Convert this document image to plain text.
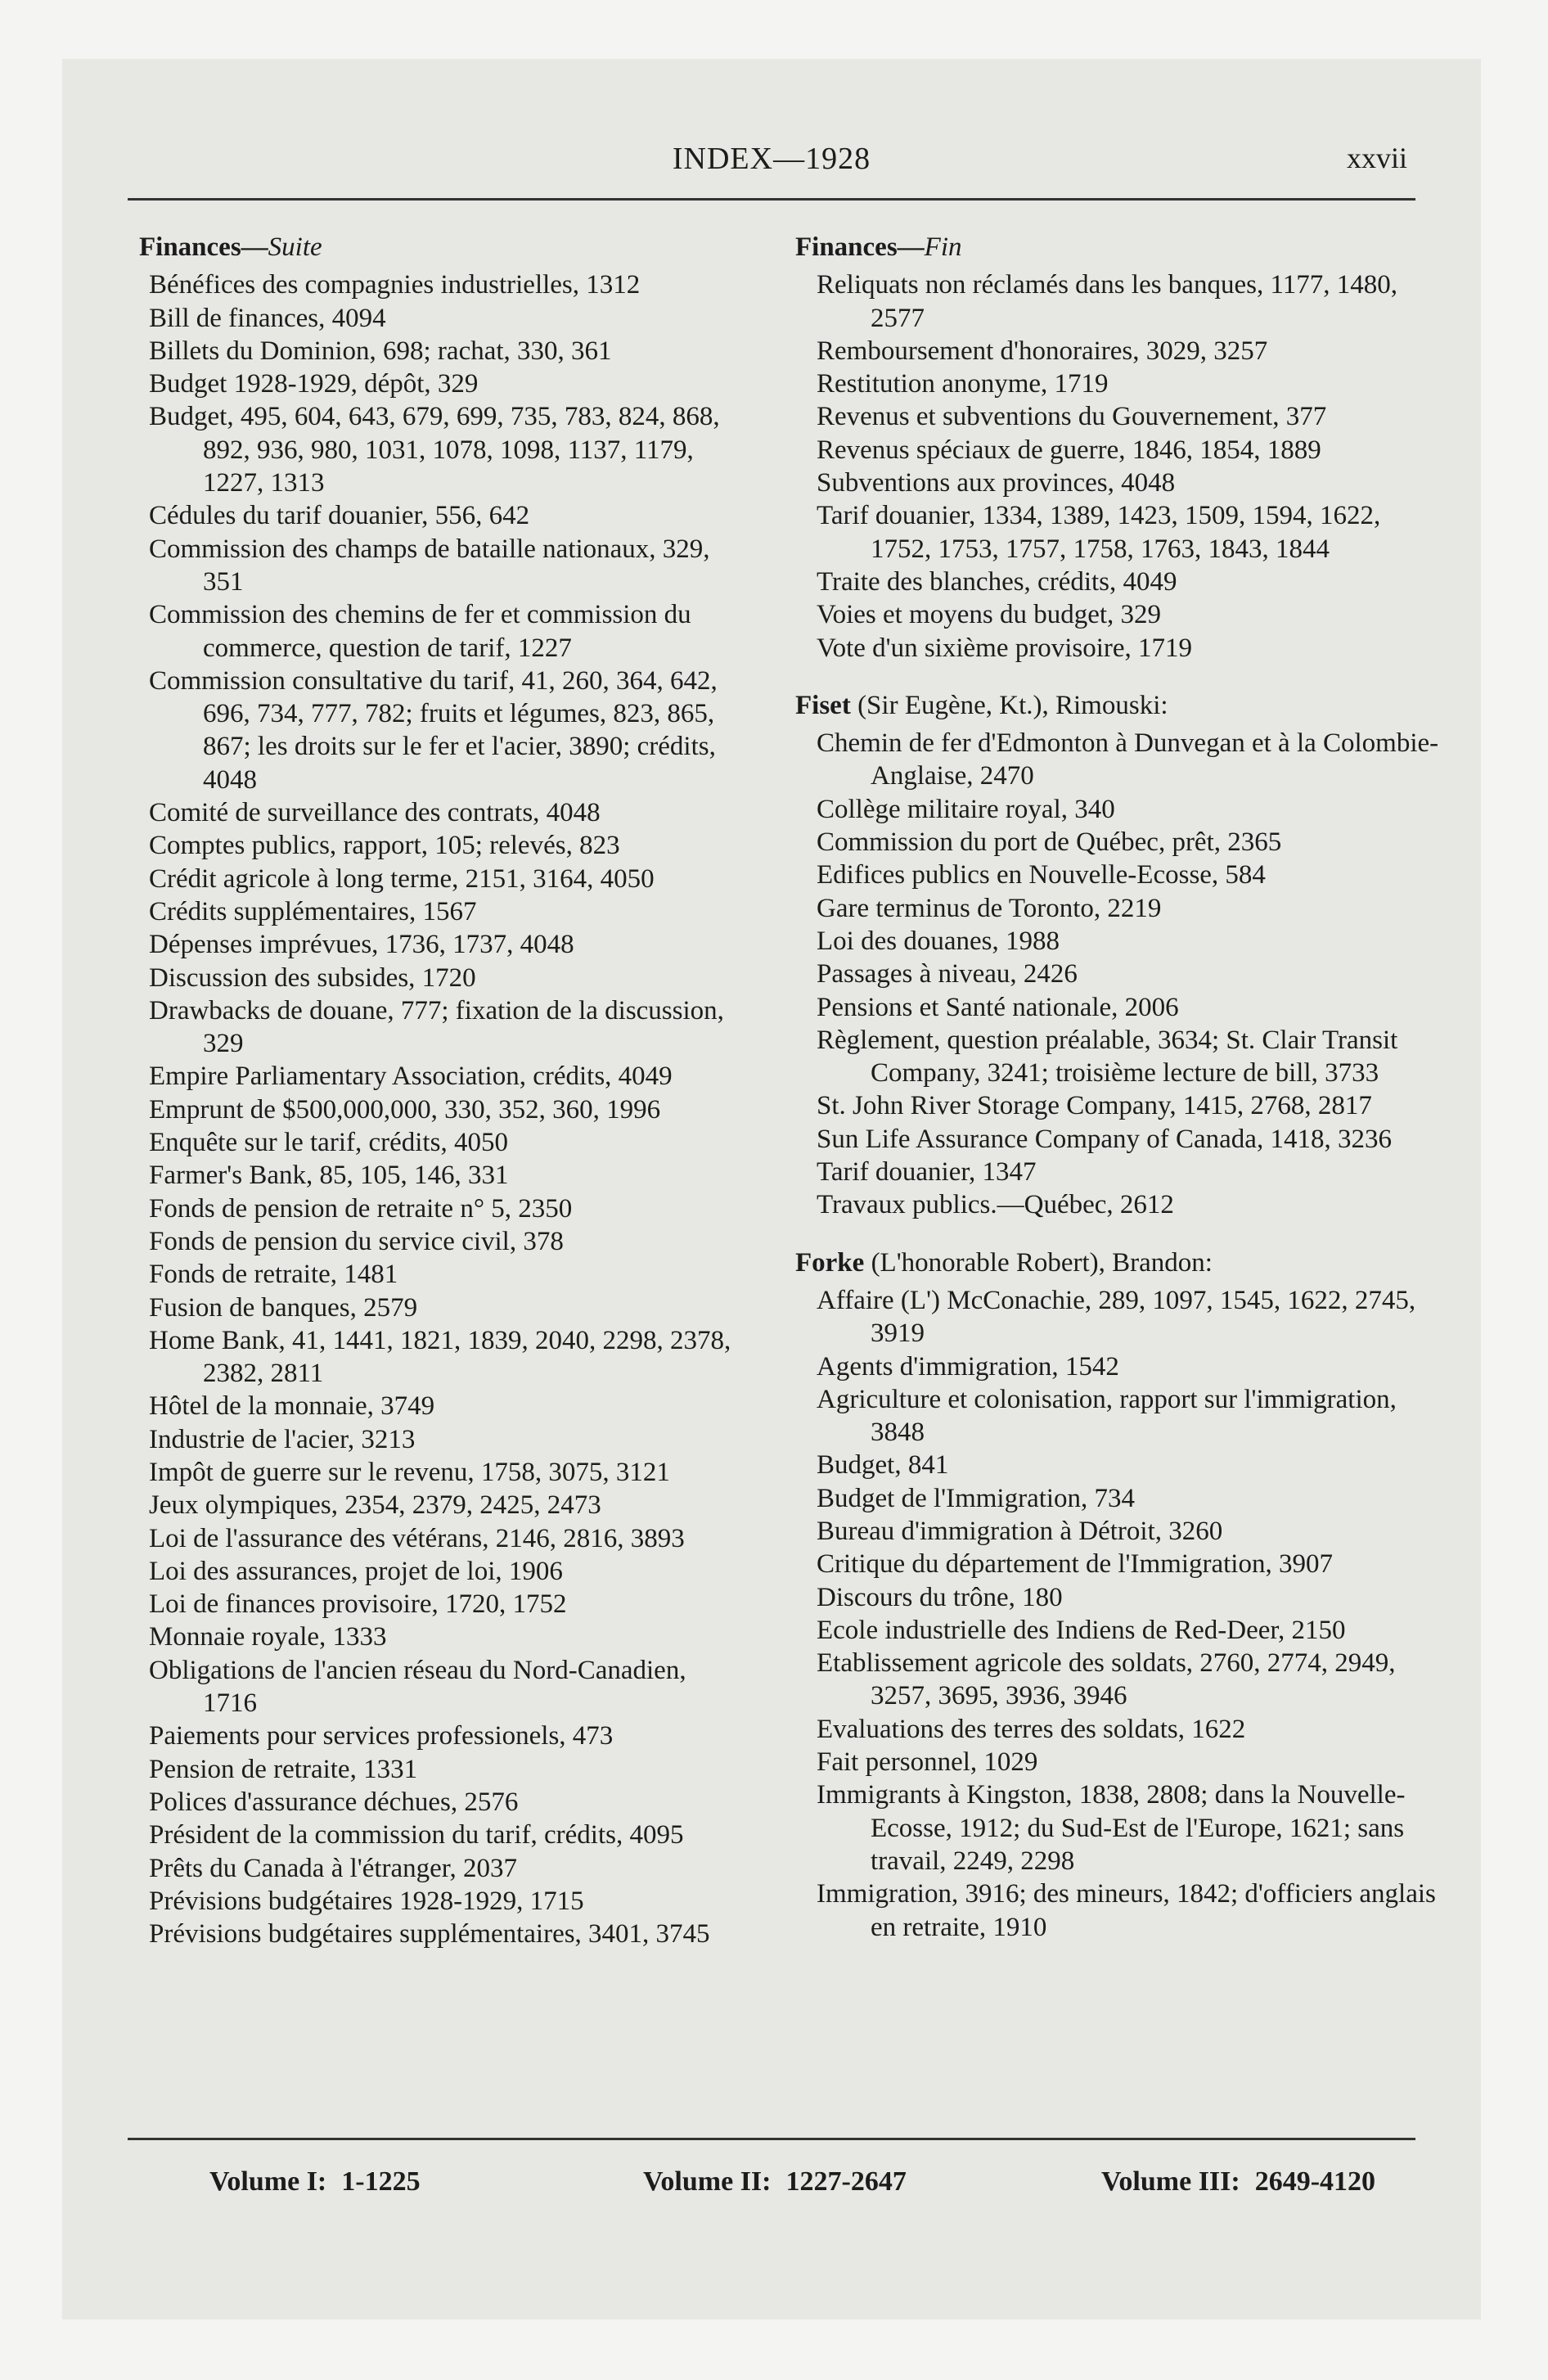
INDEX—1928	xxvii
Finances—Suite
Bénéfices des compagnies industrielles, 1312
Bill de finances, 4094
Billets du Dominion, 698; rachat, 330, 361
Budget 1928-1929, dépôt, 329
Budget, 495, 604, 643, 679, 699, 735, 783, 824, 868, 892, 936, 980, 1031, 1078, 1098, 1137, 1179, 1227, 1313
Cédules du tarif douanier, 556, 642
Commission des champs de bataille nationaux, 329, 351
Commission des chemins de fer et commission du commerce, question de tarif, 1227
Commission consultative du tarif, 41, 260, 364, 642, 696, 734, 777, 782; fruits et légumes, 823, 865, 867; les droits sur le fer et l'acier, 3890; crédits, 4048
Comité de surveillance des contrats, 4048
Comptes publics, rapport, 105; relevés, 823
Crédit agricole à long terme, 2151, 3164, 4050
Crédits supplémentaires, 1567
Dépenses imprévues, 1736, 1737, 4048
Discussion des subsides, 1720
Drawbacks de douane, 777; fixation de la discussion, 329
Empire Parliamentary Association, crédits, 4049
Emprunt de $500,000,000, 330, 352, 360, 1996
Enquête sur le tarif, crédits, 4050
Farmer's Bank, 85, 105, 146, 331
Fonds de pension de retraite n° 5, 2350
Fonds de pension du service civil, 378
Fonds de retraite, 1481
Fusion de banques, 2579
Home Bank, 41, 1441, 1821, 1839, 2040, 2298, 2378, 2382, 2811
Hôtel de la monnaie, 3749
Industrie de l'acier, 3213
Impôt de guerre sur le revenu, 1758, 3075, 3121
Jeux olympiques, 2354, 2379, 2425, 2473
Loi de l'assurance des vétérans, 2146, 2816, 3893
Loi des assurances, projet de loi, 1906
Loi de finances provisoire, 1720, 1752
Monnaie royale, 1333
Obligations de l'ancien réseau du Nord-Canadien, 1716
Paiements pour services professionels, 473
Pension de retraite, 1331
Polices d'assurance déchues, 2576
Président de la commission du tarif, crédits, 4095
Prêts du Canada à l'étranger, 2037
Prévisions budgétaires 1928-1929, 1715
Prévisions budgétaires supplémentaires, 3401, 3745
Finances—Fin
Reliquats non réclamés dans les banques, 1177, 1480, 2577
Remboursement d'honoraires, 3029, 3257
Restitution anonyme, 1719
Revenus et subventions du Gouvernement, 377
Revenus spéciaux de guerre, 1846, 1854, 1889
Subventions aux provinces, 4048
Tarif douanier, 1334, 1389, 1423, 1509, 1594, 1622, 1752, 1753, 1757, 1758, 1763, 1843, 1844
Traite des blanches, crédits, 4049
Voies et moyens du budget, 329
Vote d'un sixième provisoire, 1719
Fiset (Sir Eugène, Kt.), Rimouski:
Chemin de fer d'Edmonton à Dunvegan et à la Colombie-Anglaise, 2470
Collège militaire royal, 340
Commission du port de Québec, prêt, 2365
Edifices publics en Nouvelle-Ecosse, 584
Gare terminus de Toronto, 2219
Loi des douanes, 1988
Passages à niveau, 2426
Pensions et Santé nationale, 2006
Règlement, question préalable, 3634; St. Clair Transit Company, 3241; troisième lecture de bill, 3733
St. John River Storage Company, 1415, 2768, 2817
Sun Life Assurance Company of Canada, 1418, 3236
Tarif douanier, 1347
Travaux publics.—Québec, 2612
Forke (L'honorable Robert), Brandon:
Affaire (L') McConachie, 289, 1097, 1545, 1622, 2745, 3919
Agents d'immigration, 1542
Agriculture et colonisation, rapport sur l'immigration, 3848
Budget, 841
Budget de l'Immigration, 734
Bureau d'immigration à Détroit, 3260
Critique du département de l'Immigration, 3907
Discours du trône, 180
Ecole industrielle des Indiens de Red-Deer, 2150
Etablissement agricole des soldats, 2760, 2774, 2949, 3257, 3695, 3936, 3946
Evaluations des terres des soldats, 1622
Fait personnel, 1029
Immigrants à Kingston, 1838, 2808; dans la Nouvelle-Ecosse, 1912; du Sud-Est de l'Europe, 1621; sans travail, 2249, 2298
Immigration, 3916; des mineurs, 1842; d'officiers anglais en retraite, 1910
Volume I: 1-1225	Volume II: 1227-2647	Volume III: 2649-4120
